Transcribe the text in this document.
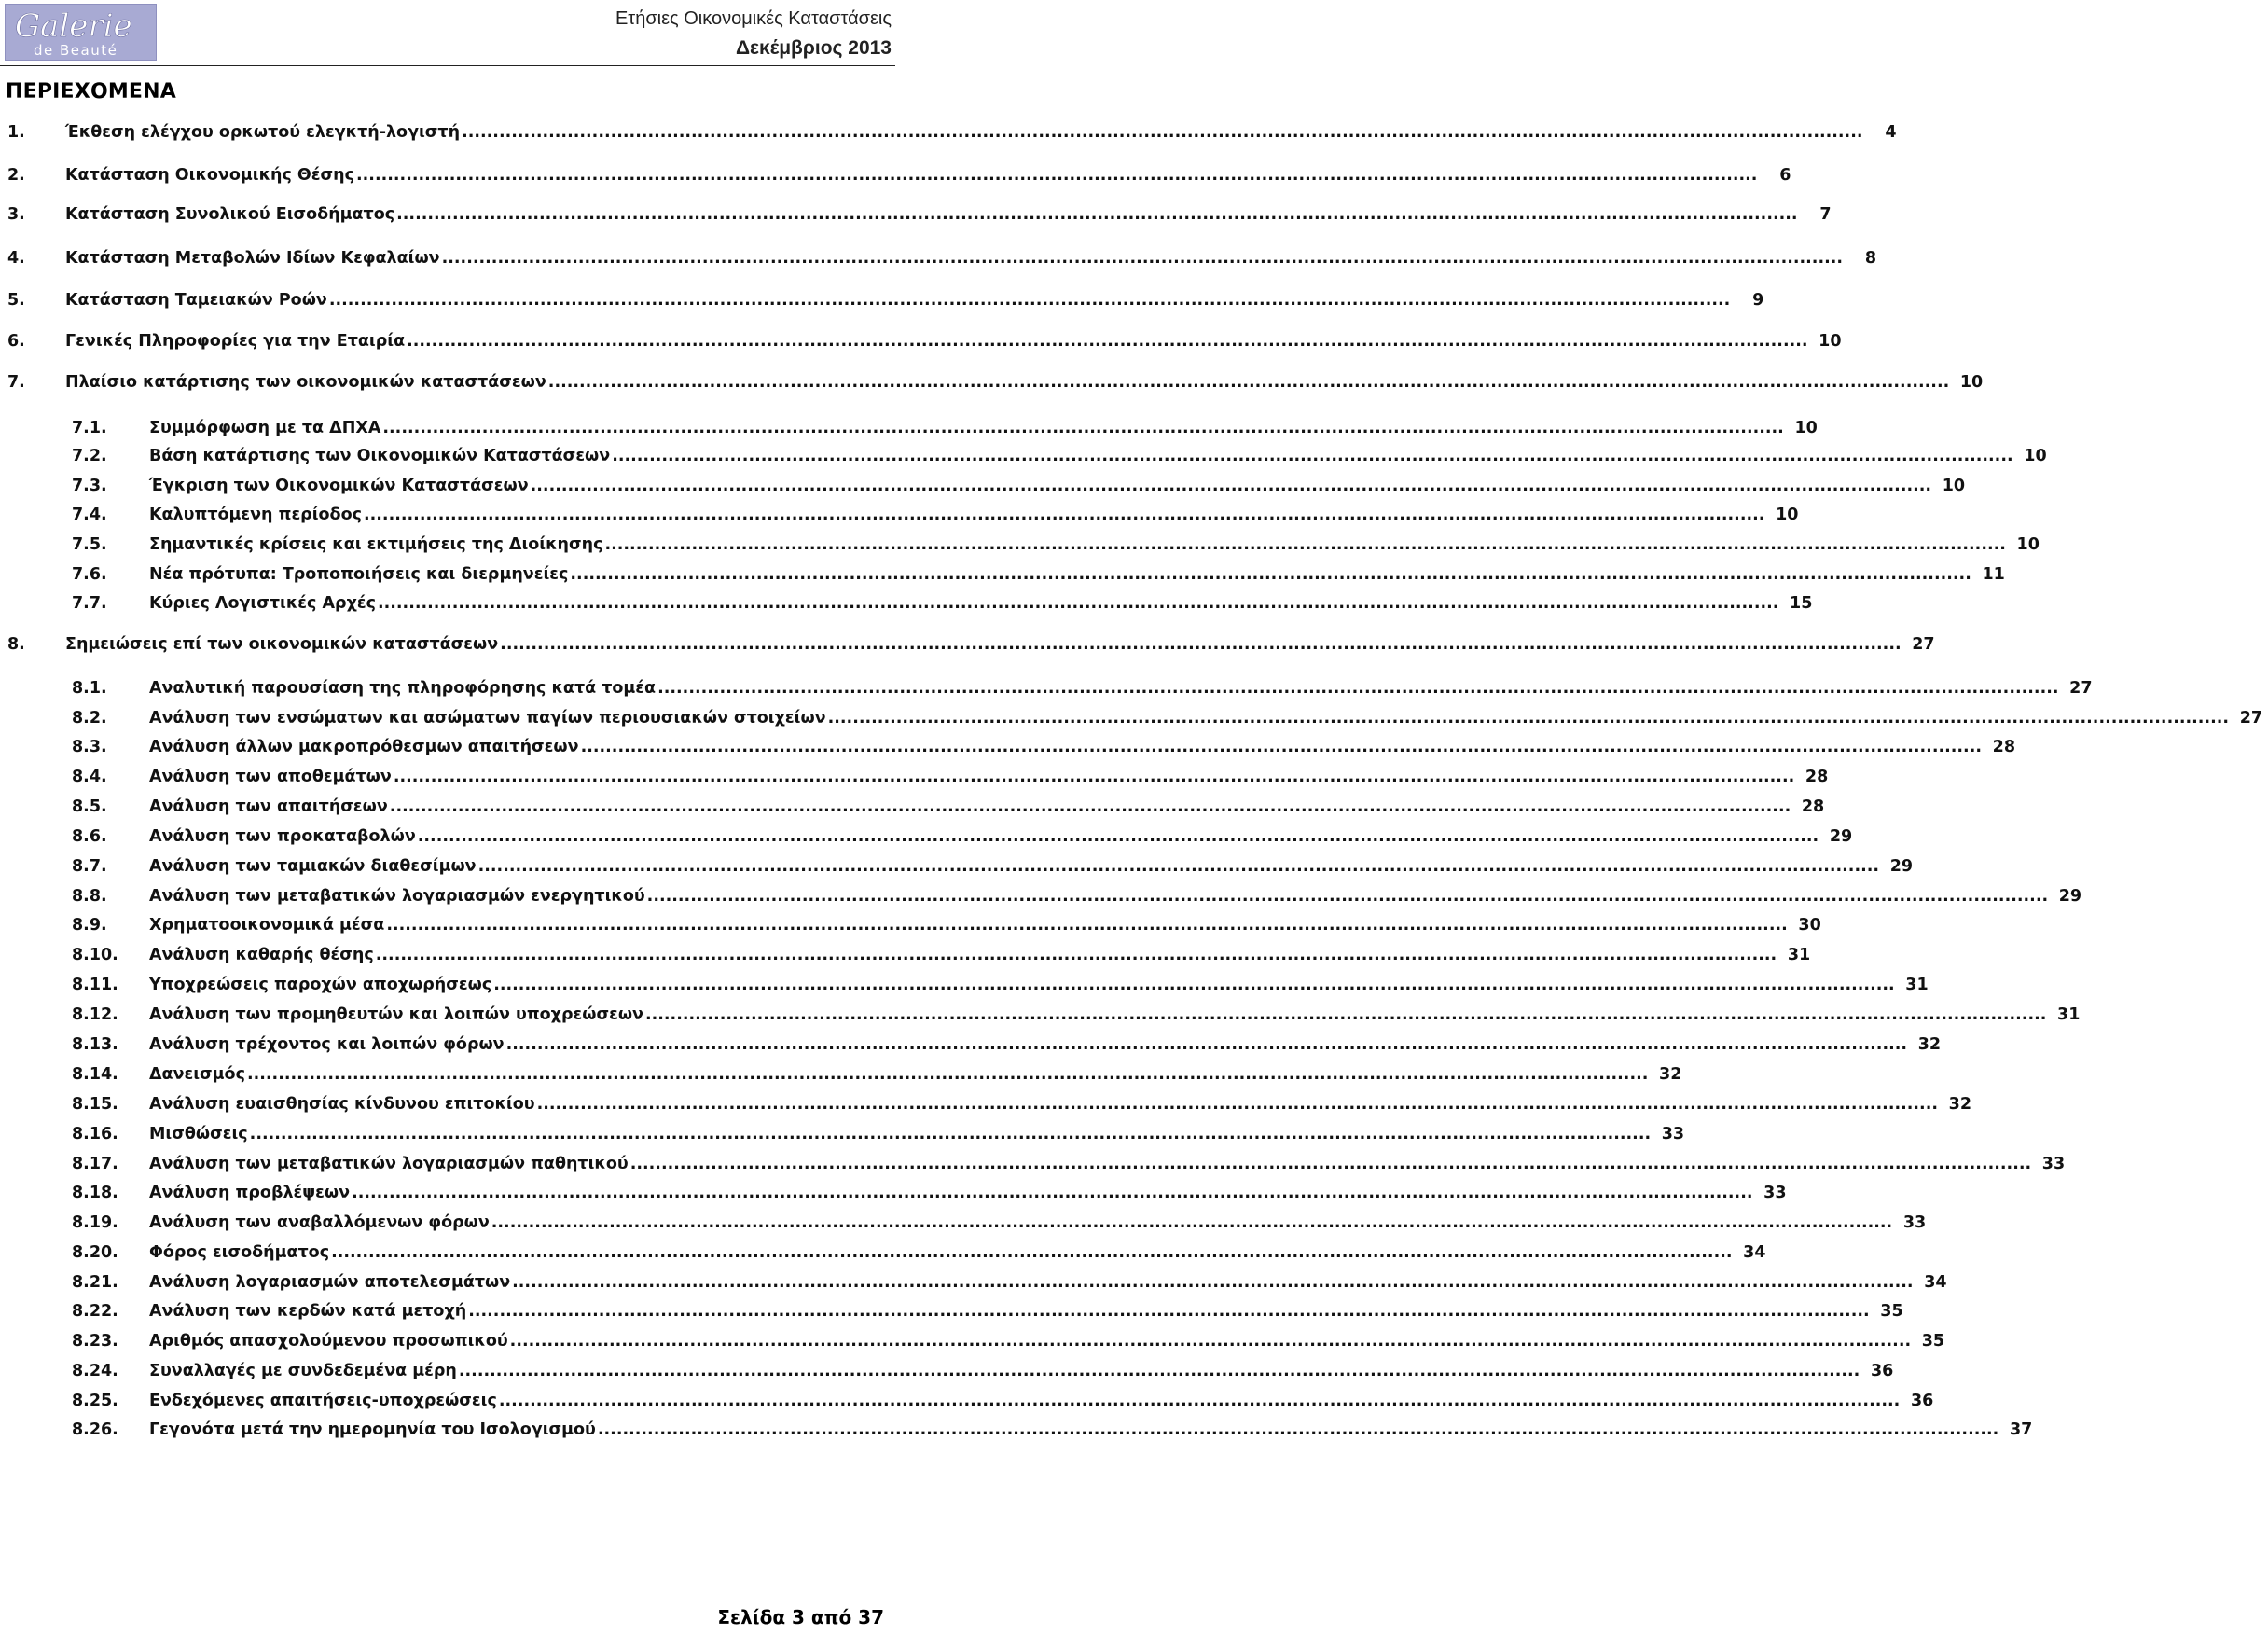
Galerie
de Beauté
Ετήσιες Οικονομικές Καταστάσεις
Δεκέμβριος 2013
ΠΕΡΙΕΧΟΜΕΝΑ
1.	Έκθεση ελέγχου ορκωτού ελεγκτή-λογιστή .....	4
2.	Κατάσταση Οικονομικής Θέσης .....	6
3.	Κατάσταση Συνολικού Εισοδήματος .....	7
4.	Κατάσταση Μεταβολών Ιδίων Κεφαλαίων .....	8
5.	Κατάσταση Ταμειακών Ροών .....	9
6.	Γενικές Πληροφορίες για την Εταιρία .....	10
7.	Πλαίσιο κατάρτισης των οικονομικών καταστάσεων .....	10
7.1.	Συμμόρφωση με τα ΔΠΧΑ .....	10
7.2.	Βάση κατάρτισης των Οικονομικών Καταστάσεων .....	10
7.3.	Έγκριση των Οικονομικών Καταστάσεων .....	10
7.4.	Καλυπτόμενη περίοδος .....	10
7.5.	Σημαντικές κρίσεις και εκτιμήσεις της Διοίκησης .....	10
7.6.	Νέα πρότυπα: Τροποποιήσεις και διερμηνείες .....	11
7.7.	Κύριες Λογιστικές Αρχές .....	15
8.	Σημειώσεις επί των οικονομικών καταστάσεων .....	27
8.1.	Αναλυτική παρουσίαση της πληροφόρησης κατά τομέα .....	27
8.2.	Ανάλυση των ενσώματων και ασώματων παγίων περιουσιακών στοιχείων .....	27
8.3.	Ανάλυση άλλων μακροπρόθεσμων απαιτήσεων .....	28
8.4.	Ανάλυση των αποθεμάτων .....	28
8.5.	Ανάλυση των απαιτήσεων .....	28
8.6.	Ανάλυση των προκαταβολών .....	29
8.7.	Ανάλυση των ταμιακών διαθεσίμων .....	29
8.8.	Ανάλυση των μεταβατικών λογαριασμών ενεργητικού .....	29
8.9.	Χρηματοοικονομικά μέσα .....	30
8.10.	Ανάλυση καθαρής θέσης .....	31
8.11.	Υποχρεώσεις παροχών αποχωρήσεως .....	31
8.12.	Ανάλυση των προμηθευτών και λοιπών υποχρεώσεων .....	31
8.13.	Ανάλυση τρέχοντος και λοιπών φόρων .....	32
8.14.	Δανεισμός .....	32
8.15.	Ανάλυση ευαισθησίας κίνδυνου επιτοκίου .....	32
8.16.	Μισθώσεις .....	33
8.17.	Ανάλυση των μεταβατικών λογαριασμών παθητικού .....	33
8.18.	Ανάλυση προβλέψεων .....	33
8.19.	Ανάλυση των αναβαλλόμενων φόρων .....	33
8.20.	Φόρος εισοδήματος .....	34
8.21.	Ανάλυση λογαριασμών αποτελεσμάτων .....	34
8.22.	Ανάλυση των κερδών κατά μετοχή .....	35
8.23.	Αριθμός απασχολούμενου προσωπικού .....	35
8.24.	Συναλλαγές με συνδεδεμένα μέρη .....	36
8.25.	Ενδεχόμενες απαιτήσεις-υποχρεώσεις .....	36
8.26.	Γεγονότα μετά την ημερομηνία του Ισολογισμού .....	37
Σελίδα 3 από 37
